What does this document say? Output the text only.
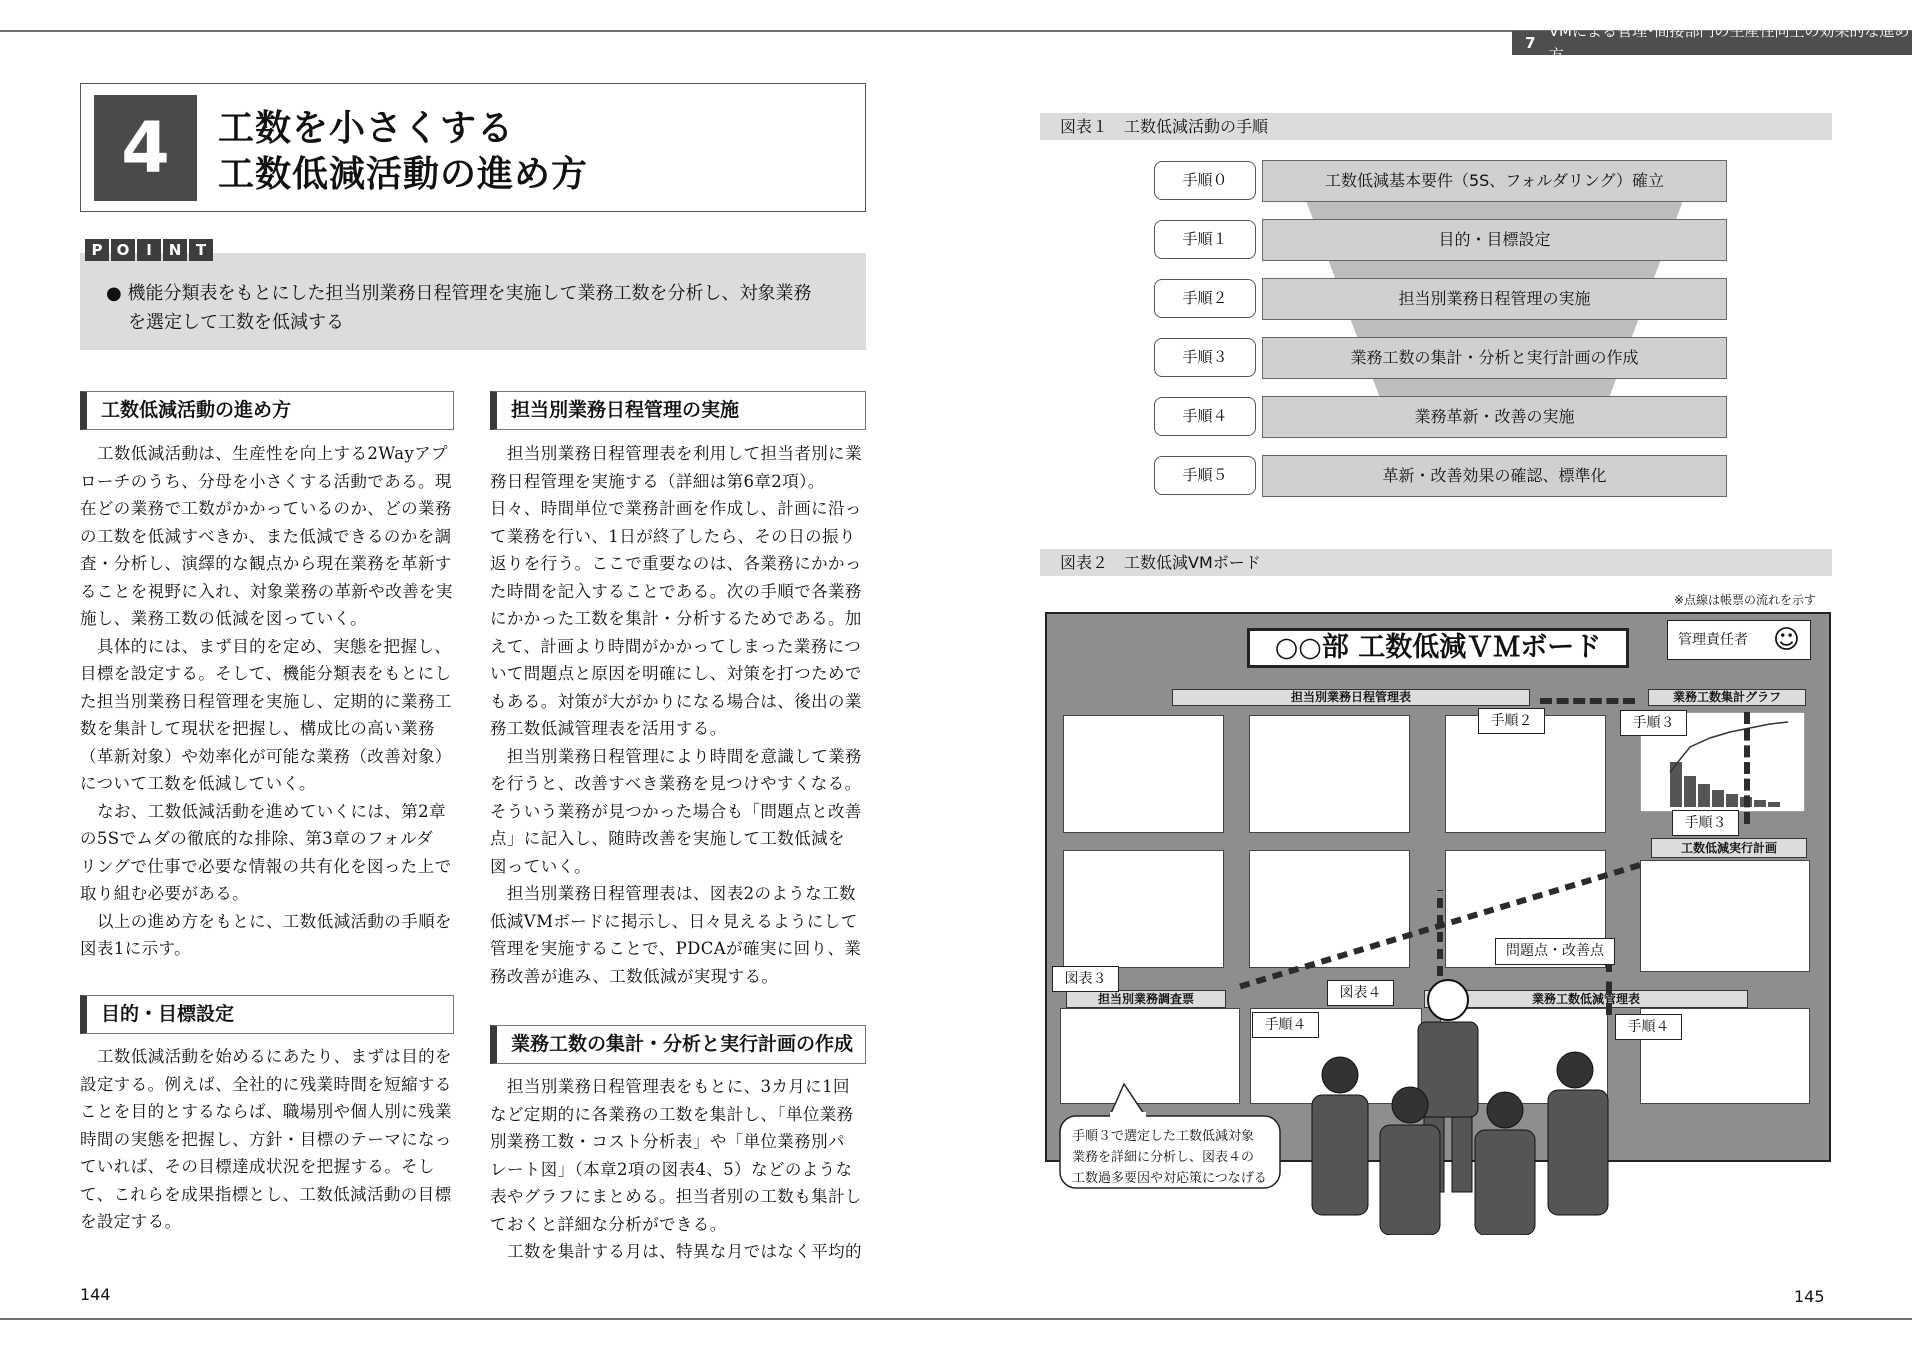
7
VMによる管理･間接部門の生産性向上の効果的な進め方
4	工数を小さくする
工数低減活動の進め方
● 機能分類表をもとにした担当別業務日程管理を実施して業務工数を分析し、対象業務
を選定して工数を低減する
P O	I	N T
工数低減活動の進め方
工数低減活動は、生産性を向上する2Wayアプ
ローチのうち、分母を小さくする活動である。現
在どの業務で工数がかかっているのか、どの業務
の工数を低減すべきか、また低減できるのかを調
査・分析し、演繹的な観点から現在業務を革新す
ることを視野に入れ、対象業務の革新や改善を実
施し、業務工数の低減を図っていく。
具体的には、まず目的を定め、実態を把握し、
目標を設定する。そして、機能分類表をもとにし
た担当別業務日程管理を実施し、定期的に業務工
数を集計して現状を把握し、構成比の高い業務
（革新対象）や効率化が可能な業務（改善対象）
について工数を低減していく。
なお、工数低減活動を進めていくには、第2章
の5Sでムダの徹底的な排除、第3章のフォルダ
リングで仕事で必要な情報の共有化を図った上で
取り組む必要がある。
以上の進め方をもとに、工数低減活動の手順を
図表1に示す。
目的・目標設定
工数低減活動を始めるにあたり、まずは目的を
設定する。例えば、全社的に残業時間を短縮する
ことを目的とするならば、職場別や個人別に残業
時間の実態を把握し、方針・目標のテーマになっ
ていれば、その目標達成状況を把握する。そし
て、これらを成果指標とし、工数低減活動の目標
を設定する。
担当別業務日程管理の実施
担当別業務日程管理表を利用して担当者別に業
務日程管理を実施する（詳細は第6章2項）。
日々、時間単位で業務計画を作成し、計画に沿っ
て業務を行い、1日が終了したら、その日の振り
返りを行う。ここで重要なのは、各業務にかかっ
た時間を記入することである。次の手順で各業務
にかかった工数を集計・分析するためである。加
えて、計画より時間がかかってしまった業務につ
いて問題点と原因を明確にし、対策を打つためで
もある。対策が大がかりになる場合は、後出の業
務工数低減管理表を活用する。
担当別業務日程管理により時間を意識して業務
を行うと、改善すべき業務を見つけやすくなる。
そういう業務が見つかった場合も「問題点と改善
点」に記入し、随時改善を実施して工数低減を
図っていく。
担当別業務日程管理表は、図表2のような工数
低減VMボードに掲示し、日々見えるようにして
管理を実施することで、PDCAが確実に回り、業
務改善が進み、工数低減が実現する。
業務工数の集計・分析と実行計画の作成
担当別業務日程管理表をもとに、3カ月に1回
など定期的に各業務の工数を集計し、「単位業務
別業務工数・コスト分析表」や「単位業務別パ
レート図」（本章2項の図表4、5）などのような
表やグラフにまとめる。担当者別の工数も集計し
ておくと詳細な分析ができる。
工数を集計する月は、特異な月ではなく平均的
144	145
図表１　工数低減活動の手順
手順０	工数低減基本要件（5S、フォルダリング）確立
手順１	目的・目標設定
手順２	担当別業務日程管理の実施
手順３	業務工数の集計・分析と実行計画の作成
手順４	業務革新・改善の実施
手順５	革新・改善効果の確認、標準化
図表２　工数低減VMボード
※点線は帳票の流れを示す
○○部 工数低減ＶＭボード	管理責任者 ☺
担当別業務日程管理表	業務工数集計グラフ
工数低減実行計画
担当別業務調査票	業務工数低減管理表
手順２	手順３
手順３
問題点・改善点
図表３
図表４
手順４	手順４
手順３で選定した工数低減対象
業務を詳細に分析し、図表４の
工数過多要因や対応策につなげる
